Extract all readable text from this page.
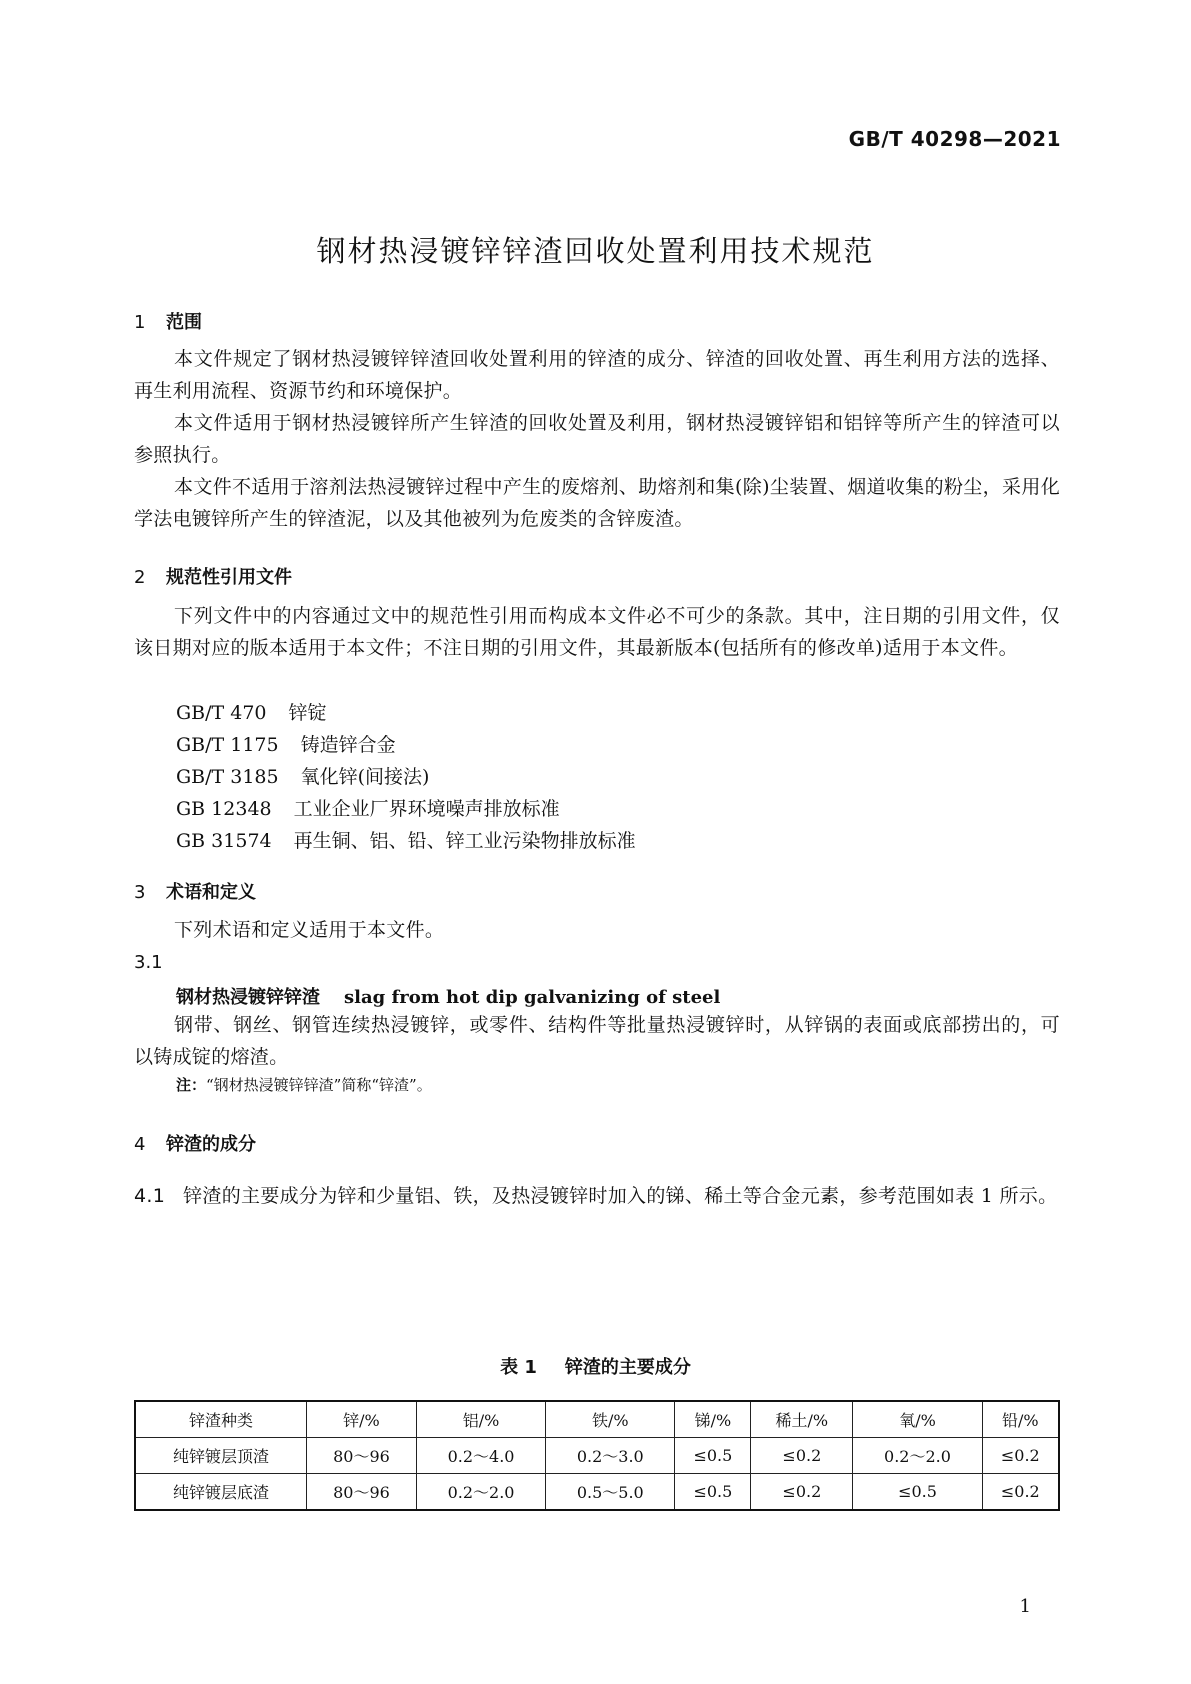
GB/T 40298—2021
钢材热浸镀锌锌渣回收处置利用技术规范
1 范围

本文件规定了钢材热浸镀锌锌渣回收处置利用的锌渣的成分、锌渣的回收处置、再生利用方法的选择、再生利用流程、资源节约和环境保护。

本文件适用于钢材热浸镀锌所产生锌渣的回收处置及利用，钢材热浸镀锌铝和铝锌等所产生的锌渣可以参照执行。

本文件不适用于溶剂法热浸镀锌过程中产生的废熔剂、助熔剂和集(除)尘装置、烟道收集的粉尘，采用化学法电镀锌所产生的锌渣泥，以及其他被列为危废类的含锌废渣。

2 规范性引用文件

下列文件中的内容通过文中的规范性引用而构成本文件必不可少的条款。其中，注日期的引用文件，仅该日期对应的版本适用于本文件；不注日期的引用文件，其最新版本(包括所有的修改单)适用于本文件。

GB/T 470 锌锭
GB/T 1175 铸造锌合金
GB/T 3185 氧化锌(间接法)
GB 12348 工业企业厂界环境噪声排放标准
GB 31574 再生铜、铝、铅、锌工业污染物排放标准
3 术语和定义

下列术语和定义适用于本文件。

3.1
钢材热浸镀锌锌渣 slag from hot dip galvanizing of steel

钢带、钢丝、钢管连续热浸镀锌，或零件、结构件等批量热浸镀锌时，从锌锅的表面或底部捞出的，可以铸成锭的熔渣。

注：“钢材热浸镀锌锌渣”简称“锌渣”。
4 锌渣的成分

4.1 锌渣的主要成分为锌和少量铝、铁，及热浸镀锌时加入的锑、稀土等合金元素，参考范围如表 1 所示。

表 1 锌渣的主要成分
锌渣种类	锌/%	铝/%	铁/%	锑/%	稀土/%	氧/%	铅/%
纯锌镀层顶渣	80～96	0.2～4.0	0.2～3.0	≤0.5	≤0.2	0.2～2.0	≤0.2
纯锌镀层底渣	80～96	0.2～2.0	0.5～5.0	≤0.5	≤0.2	≤0.5	≤0.2
1
